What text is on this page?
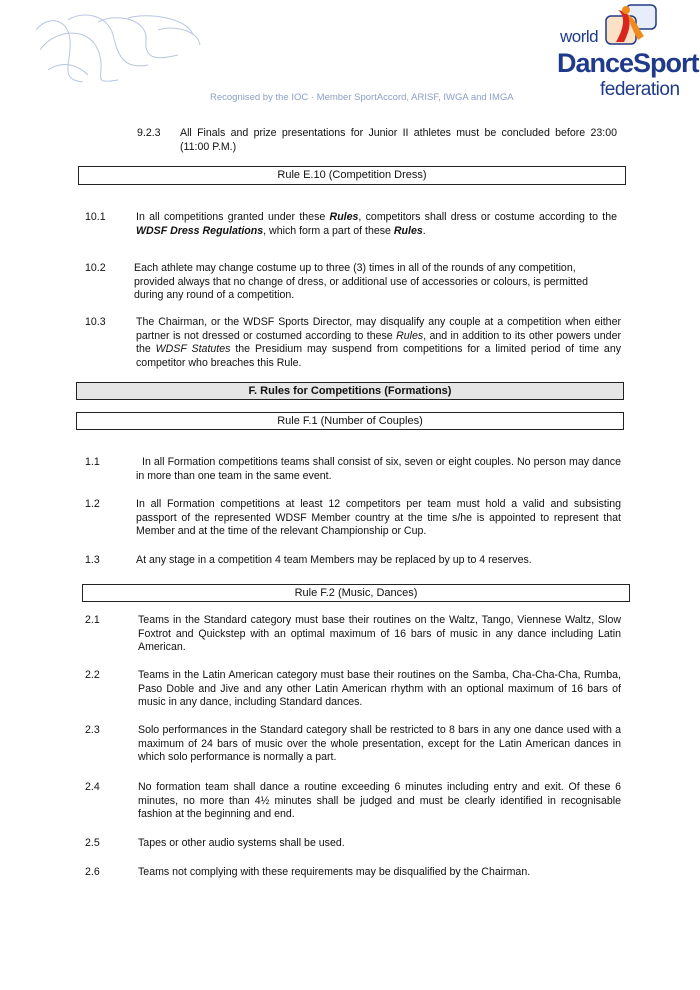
world
DanceSport
federation
Recognised by the IOC · Member SportAccord, ARISF, IWGA and IMGA
9.2.3 All Finals and prize presentations for Junior II athletes must be concluded before 23:00 (11:00 P.M.)
Rule E.10 (Competition Dress)
10.1	In all competitions granted under these Rules, competitors shall dress or costume according to the WDSF Dress Regulations, which form a part of these Rules.
10.2	Each athlete may change costume up to three (3) times in all of the rounds of any competition, provided always that no change of dress, or additional use of accessories or colours, is permitted during any round of a competition.
10.3	The Chairman, or the WDSF Sports Director, may disqualify any couple at a competition when either partner is not dressed or costumed according to these Rules, and in addition to its other powers under the WDSF Statutes the Presidium may suspend from competitions for a limited period of time any competitor who breaches this Rule.
F. Rules for Competitions (Formations)
Rule F.1 (Number of Couples)
1.1	In all Formation competitions teams shall consist of six, seven or eight couples. No person may dance in more than one team in the same event.
1.2	In all Formation competitions at least 12 competitors per team must hold a valid and subsisting passport of the represented WDSF Member country at the time s/he is appointed to represent that Member and at the time of the relevant Championship or Cup.
1.3	At any stage in a competition 4 team Members may be replaced by up to 4 reserves.
Rule F.2 (Music, Dances)
2.1	Teams in the Standard category must base their routines on the Waltz, Tango, Viennese Waltz, Slow Foxtrot and Quickstep with an optimal maximum of 16 bars of music in any dance including Latin American.
2.2	Teams in the Latin American category must base their routines on the Samba, Cha-Cha-Cha, Rumba, Paso Doble and Jive and any other Latin American rhythm with an optional maximum of 16 bars of music in any dance, including Standard dances.
2.3	Solo performances in the Standard category shall be restricted to 8 bars in any one dance used with a maximum of 24 bars of music over the whole presentation, except for the Latin American dances in which solo performance is normally a part.
2.4	No formation team shall dance a routine exceeding 6 minutes including entry and exit. Of these 6 minutes, no more than 4½ minutes shall be judged and must be clearly identified in recognisable fashion at the beginning and end.
2.5	Tapes or other audio systems shall be used.
2.6	Teams not complying with these requirements may be disqualified by the Chairman.
